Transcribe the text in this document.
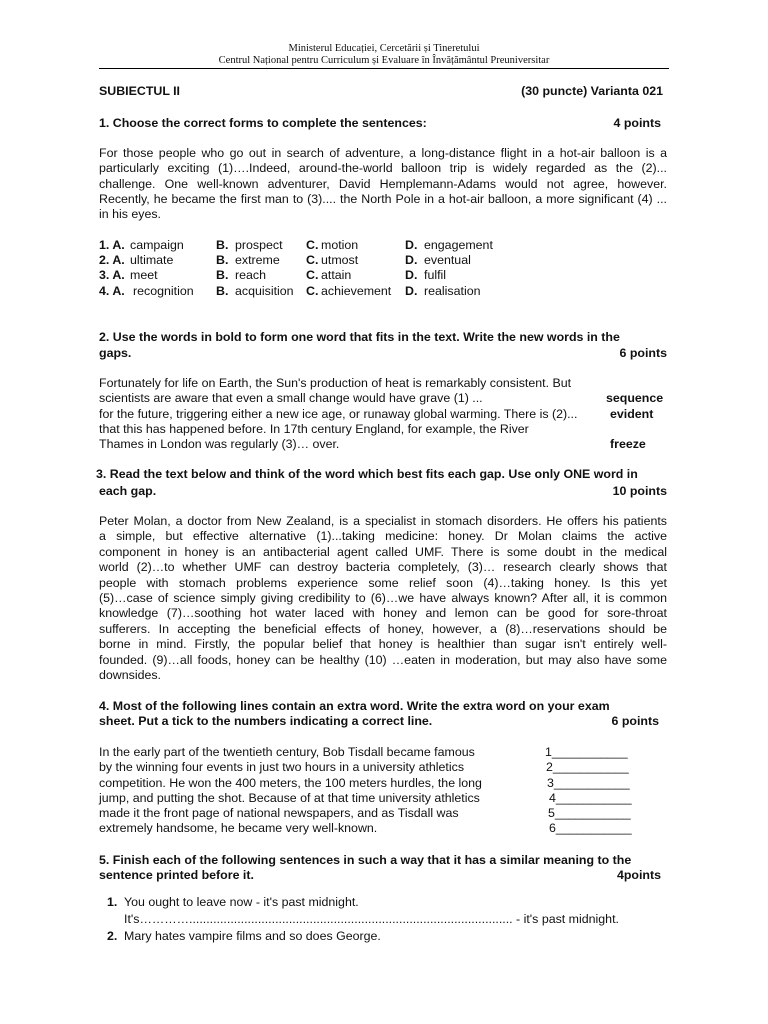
Ministerul Educației, Cercetării și Tineretului
Centrul Național pentru Curriculum și Evaluare în Învățământul Preuniversitar
SUBIECTUL II	(30 puncte) Varianta 021
1. Choose the correct forms to complete the sentences:	4 points
For those people who go out in search of adventure, a long-distance flight in a hot-air balloon is a
particularly exciting (1)….Indeed, around-the-world balloon trip is widely regarded as the (2)...
challenge. One well-known adventurer, David Hemplemann-Adams would not agree, however.
Recently, he became the first man to (3).... the North Pole in a hot-air balloon, a more significant (4) ...
in his eyes.
1. A. campaign	B. prospect C. motion	D. engagement
2. A. ultimate	B. extreme C. utmost	D. eventual
3. A. meet	B. reach	C. attain	D. fulfil
4. A. recognition B. acquisition C. achievement D. realisation
2. Use the words in bold to form one word that fits in the text. Write the new words in the
gaps.	6 points
Fortunately for life on Earth, the Sun's production of heat is remarkably consistent. But
scientists are aware that even a small change would have grave (1) ...
for the future, triggering either a new ice age, or runaway global warming. There is (2)...
that this has happened before. In 17th century England, for example, the River
Thames in London was regularly (3)… over.
sequence
evident
freeze
3. Read the text below and think of the word which best fits each gap. Use only ONE word in
each gap.	10 points
Peter Molan, a doctor from New Zealand, is a specialist in stomach disorders. He offers his patients
a simple, but effective alternative (1)...taking medicine: honey. Dr Molan claims the active
component in honey is an antibacterial agent called UMF. There is some doubt in the medical
world (2)…to whether UMF can destroy bacteria completely, (3)… research clearly shows that
people with stomach problems experience some relief soon (4)…taking honey. Is this yet
(5)…case of science simply giving credibility to (6)…we have always known? After all, it is common
knowledge (7)…soothing hot water laced with honey and lemon can be good for sore-throat
sufferers. In accepting the beneficial effects of honey, however, a (8)…reservations should be
borne in mind. Firstly, the popular belief that honey is healthier than sugar isn't entirely well-
founded. (9)…all foods, honey can be healthy (10) …eaten in moderation, but may also have some
downsides.
4. Most of the following lines contain an extra word. Write the extra word on your exam
sheet. Put a tick to the numbers indicating a correct line.	6 points
In the early part of the twentieth century, Bob Tisdall became famous
by the winning four events in just two hours in a university athletics
competition. He won the 400 meters, the 100 meters hurdles, the long
jump, and putting the shot. Because of at that time university athletics
made it the front page of national newspapers, and as Tisdall was
extremely handsome, he became very well-known.
1___________
2___________
3___________
4___________
5___________
6___________
5. Finish each of the following sentences in such a way that it has a similar meaning to the
sentence printed before it.	4points
1. You ought to leave now - it's past midnight.
It's………….............................................................................................. - it's past midnight.
2. Mary hates vampire films and so does George.
